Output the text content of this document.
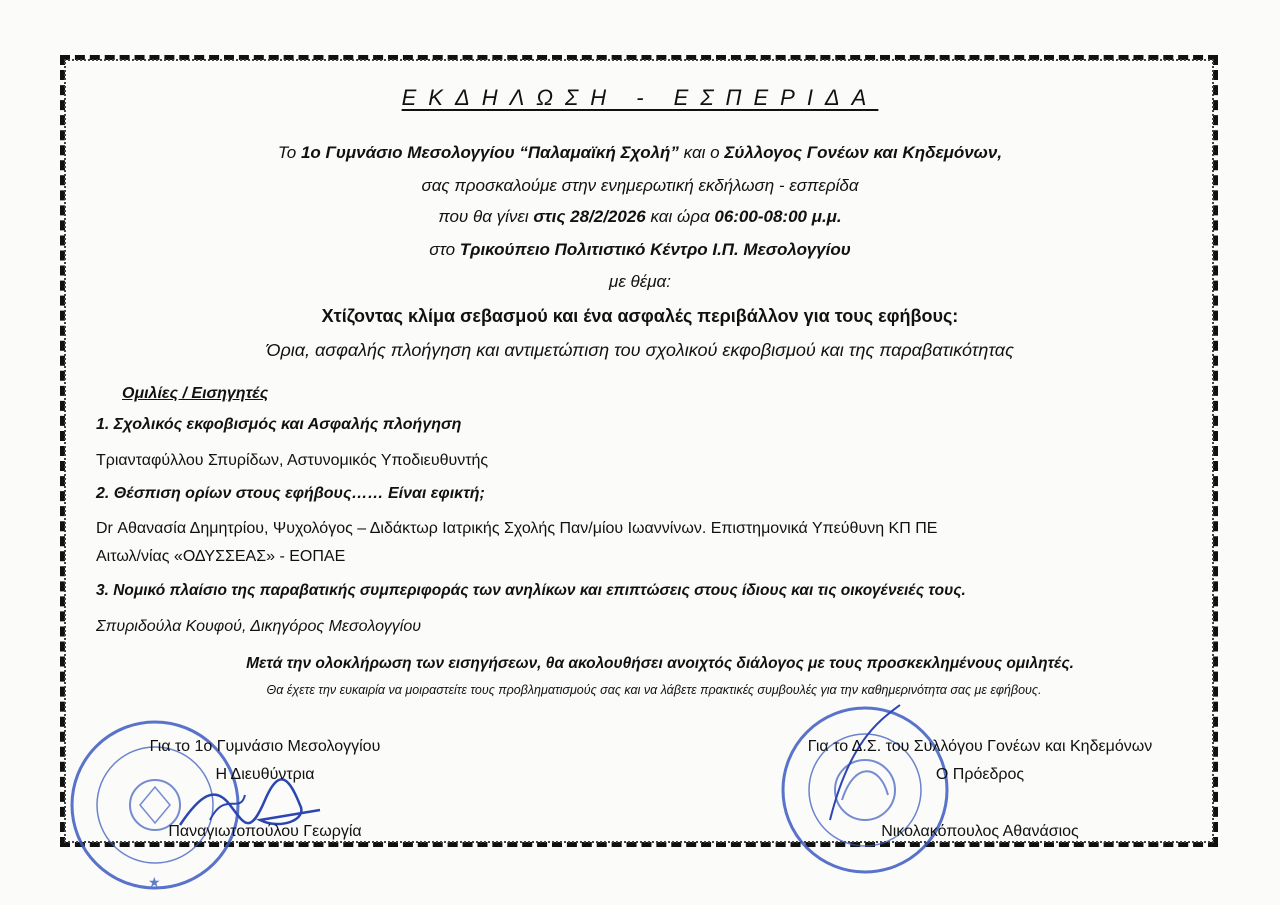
ΕΚΔΗΛΩΣΗ - ΕΣΠΕΡΙΔΑ
Το 1ο Γυμνάσιο Μεσολογγίου “Παλαμαϊκή Σχολή” και ο Σύλλογος Γονέων και Κηδεμόνων,
σας προσκαλούμε στην ενημερωτική εκδήλωση - εσπερίδα
που θα γίνει στις 28/2/2026 και ώρα 06:00-08:00 μ.μ.
στο Τρικούπειο Πολιτιστικό Κέντρο Ι.Π. Μεσολογγίου
με θέμα:
Χτίζοντας κλίμα σεβασμού και ένα ασφαλές περιβάλλον για τους εφήβους:
Όρια, ασφαλής πλοήγηση και αντιμετώπιση του σχολικού εκφοβισμού και της παραβατικότητας
Ομιλίες / Εισηγητές
1. Σχολικός εκφοβισμός και Ασφαλής πλοήγηση
Τριανταφύλλου Σπυρίδων, Αστυνομικός Υποδιευθυντής
2. Θέσπιση ορίων στους εφήβους…… Είναι εφικτή;
Dr Αθανασία Δημητρίου, Ψυχολόγος – Διδάκτωρ Ιατρικής Σχολής Παν/μίου Ιωαννίνων. Επιστημονικά Υπεύθυνη ΚΠ ΠΕ
Αιτωλ/νίας «ΟΔΥΣΣΕΑΣ» - ΕΟΠΑΕ
3. Νομικό πλαίσιο της παραβατικής συμπεριφοράς των ανηλίκων και επιπτώσεις στους ίδιους και τις οικογένειές τους.
Σπυριδούλα Κουφού, Δικηγόρος Μεσολογγίου
Μετά την ολοκλήρωση των εισηγήσεων, θα ακολουθήσει ανοιχτός διάλογος με τους προσκεκλημένους ομιλητές.
Θα έχετε την ευκαιρία να μοιραστείτε τους προβληματισμούς σας και να λάβετε πρακτικές συμβουλές για την καθημερινότητα σας με εφήβους.
★
Για το 1ο Γυμνάσιο Μεσολογγίου
Η Διευθύντρια
Παναγιωτοπούλου Γεωργία
Για το Δ.Σ. του Συλλόγου Γονέων και Κηδεμόνων
Ο Πρόεδρος
Νικολακόπουλος Αθανάσιος
